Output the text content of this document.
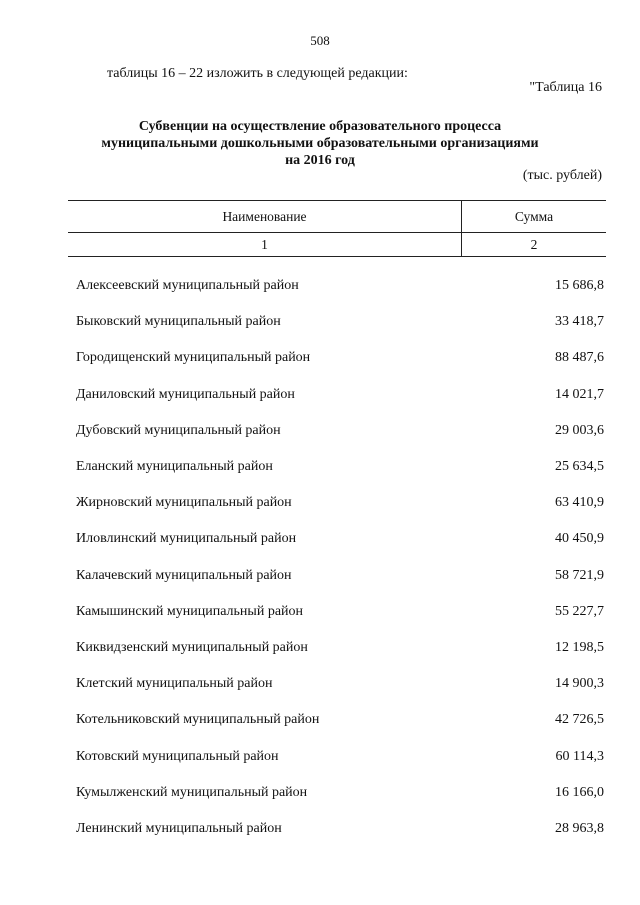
508
таблицы 16 – 22 изложить в следующей редакции:
"Таблица 16
Субвенции на осуществление образовательного процесса
муниципальными дошкольными образовательными организациями
на 2016 год
(тыс. рублей)
Наименование	Сумма
1	2
Алексеевский муниципальный район	15 686,8
Быковский муниципальный район	33 418,7
Городищенский муниципальный район	88 487,6
Даниловский муниципальный район	14 021,7
Дубовский муниципальный район	29 003,6
Еланский муниципальный район	25 634,5
Жирновский муниципальный район	63 410,9
Иловлинский муниципальный район	40 450,9
Калачевский муниципальный район	58 721,9
Камышинский муниципальный район	55 227,7
Киквидзенский муниципальный район	12 198,5
Клетский муниципальный район	14 900,3
Котельниковский муниципальный район	42 726,5
Котовский муниципальный район	60 114,3
Кумылженский муниципальный район	16 166,0
Ленинский муниципальный район	28 963,8
